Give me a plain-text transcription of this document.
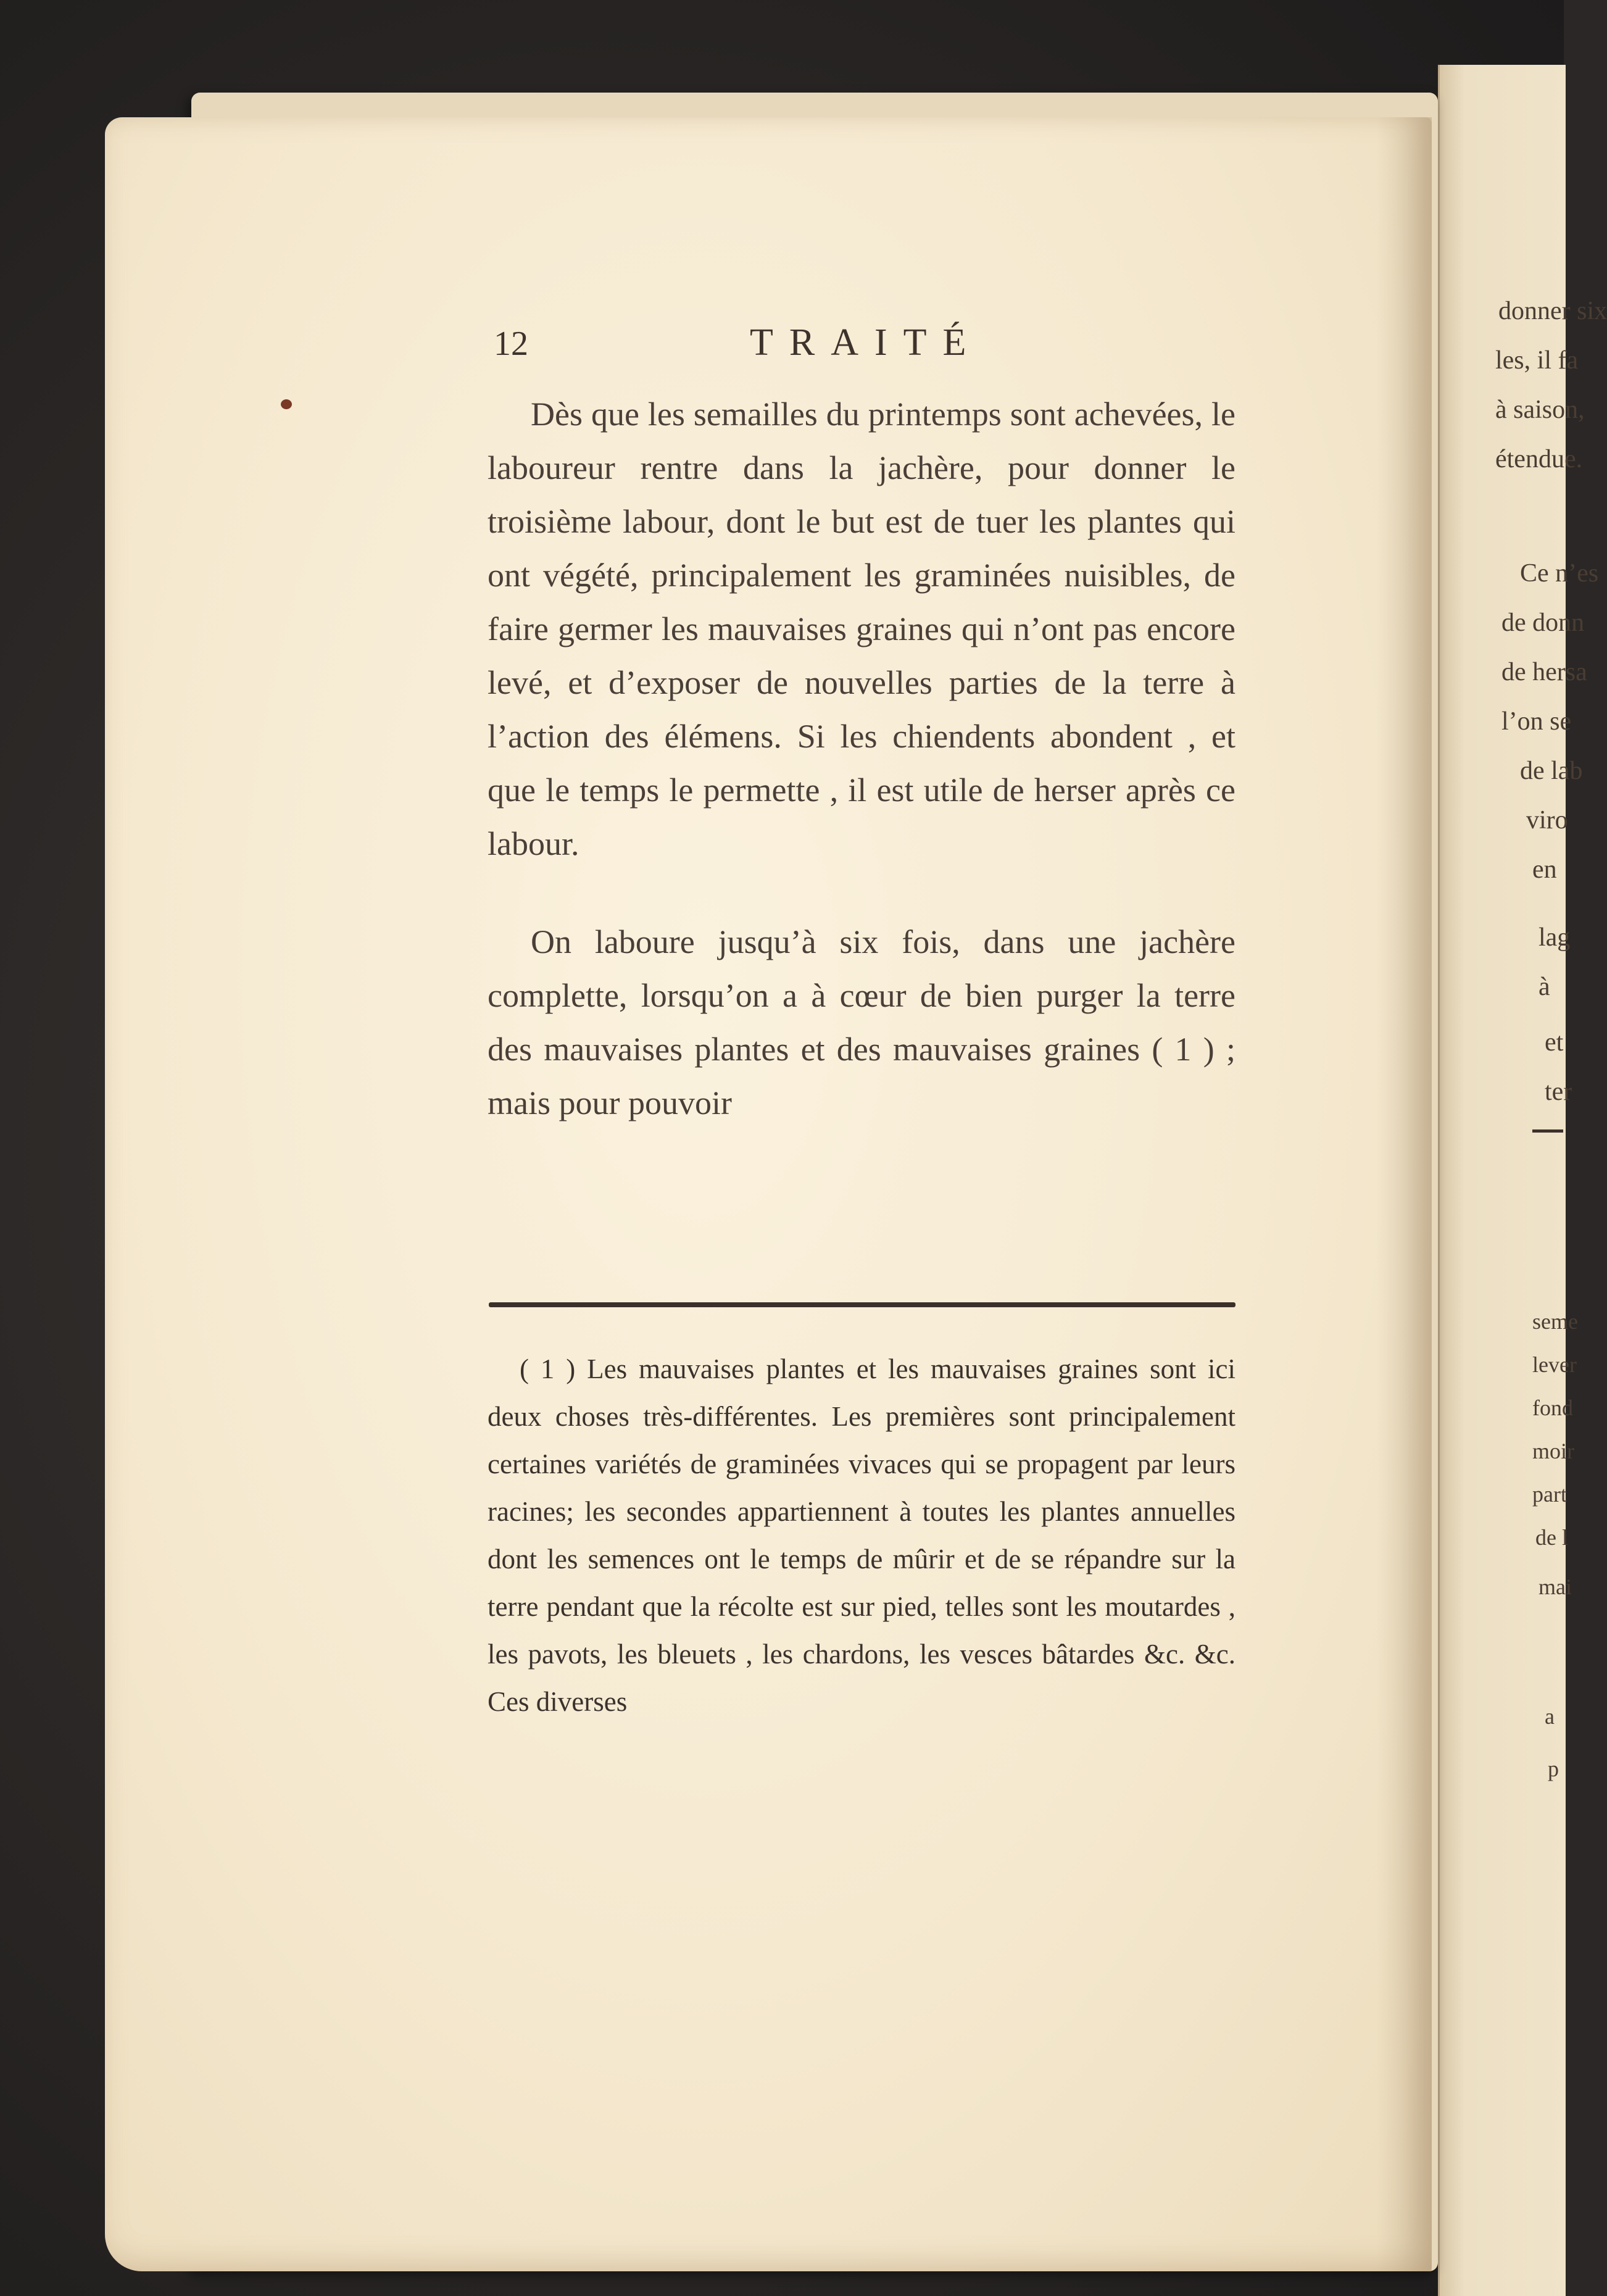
donner six
les, il fa
à saison,
étendue.
Ce n’es
de donn
de hersa
l’on se
de lab
viro
en
lag
à
et
ter
seme
lever
fond
moir
part
de l
mai
a
p
12	TRAITÉ

Dès que les semailles du printemps sont achevées, le laboureur rentre dans la jachère, pour donner le troisième labour, dont le but est de tuer les plantes qui ont végété, principalement les graminées nuisibles, de faire germer les mauvaises graines qui n’ont pas encore levé, et d’exposer de nouvelles parties de la terre à l’action des élémens. Si les chiendents abondent , et que le temps le permette , il est utile de herser après ce labour.

On laboure jusqu’à six fois, dans une jachère complette, lorsqu’on a à cœur de bien purger la terre des mauvaises plantes et des mauvaises graines ( 1 ) ; mais pour pouvoir

( 1 ) Les mauvaises plantes et les mauvaises graines sont ici deux choses très-différentes. Les premières sont principalement certaines variétés de graminées vivaces qui se propagent par leurs racines; les secondes appartiennent à toutes les plantes annuelles dont les semences ont le temps de mûrir et de se répandre sur la terre pendant que la récolte est sur pied, telles sont les moutardes , les pavots, les bleuets , les chardons, les vesces bâtardes &c. &c. Ces diverses
